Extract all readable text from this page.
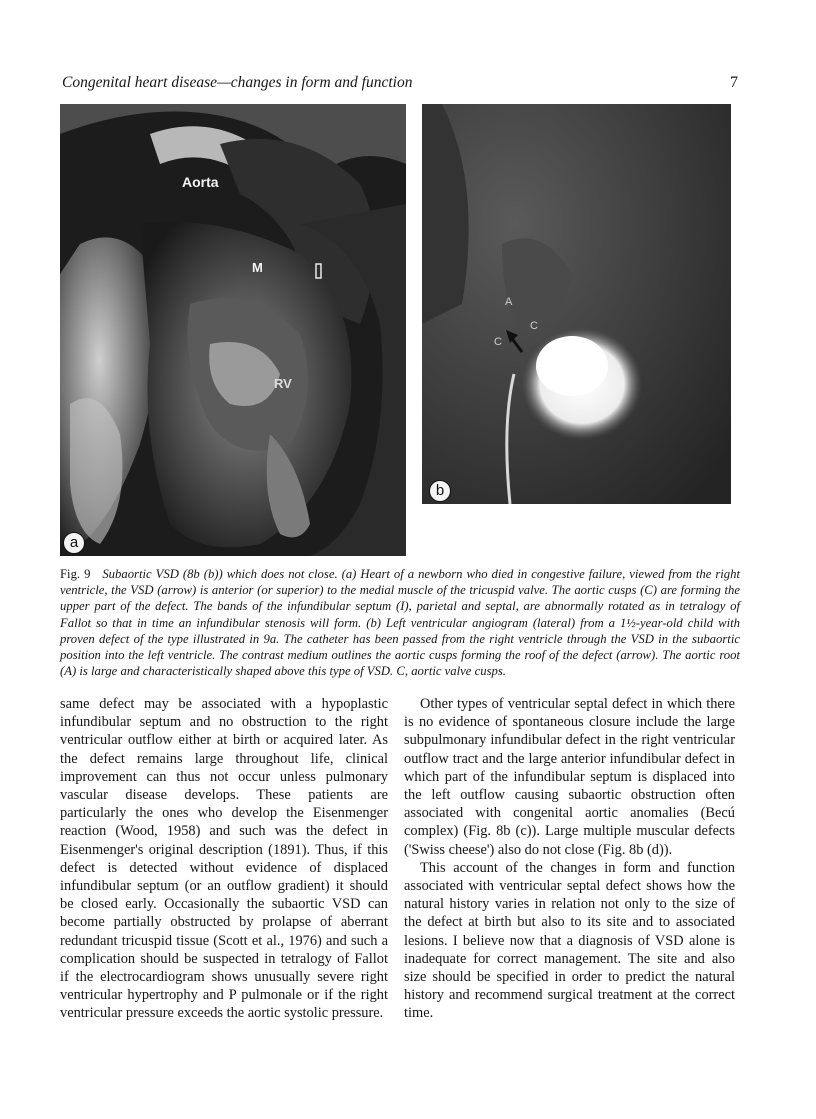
Congenital heart disease—changes in form and function	7
Aorta
M
RV
a
A
C
C
b
Fig. 9 Subaortic VSD (8b (b)) which does not close. (a) Heart of a newborn who died in congestive failure, viewed from the right ventricle, the VSD (arrow) is anterior (or superior) to the medial muscle of the tricuspid valve. The aortic cusps (C) are forming the upper part of the defect. The bands of the infundibular septum (I), parietal and septal, are abnormally rotated as in tetralogy of Fallot so that in time an infundibular stenosis will form. (b) Left ventricular angiogram (lateral) from a 1½-year-old child with proven defect of the type illustrated in 9a. The catheter has been passed from the right ventricle through the VSD in the subaortic position into the left ventricle. The contrast medium outlines the aortic cusps forming the roof of the defect (arrow). The aortic root (A) is large and characteristically shaped above this type of VSD. C, aortic valve cusps.

same defect may be associated with a hypoplastic infundibular septum and no obstruction to the right ventricular outflow either at birth or acquired later. As the defect remains large throughout life, clinical improvement can thus not occur unless pulmonary vascular disease develops. These patients are particularly the ones who develop the Eisenmenger reaction (Wood, 1958) and such was the defect in Eisenmenger's original description (1891). Thus, if this defect is detected without evidence of displaced infundibular septum (or an outflow gradient) it should be closed early. Occasionally the subaortic VSD can become partially obstructed by prolapse of aberrant redundant tricuspid tissue (Scott et al., 1976) and such a complication should be suspected in tetralogy of Fallot if the electrocardiogram shows unusually severe right ventricular hypertrophy and P pulmonale or if the right ventricular pressure exceeds the aortic systolic pressure.

Other types of ventricular septal defect in which there is no evidence of spontaneous closure include the large subpulmonary infundibular defect in the right ventricular outflow tract and the large anterior infundibular defect in which part of the infundibular septum is displaced into the left outflow causing subaortic obstruction often associated with congenital aortic anomalies (Becú complex) (Fig. 8b (c)). Large multiple muscular defects ('Swiss cheese') also do not close (Fig. 8b (d)).

This account of the changes in form and function associated with ventricular septal defect shows how the natural history varies in relation not only to the size of the defect at birth but also to its site and to associated lesions. I believe now that a diagnosis of VSD alone is inadequate for correct management. The site and also size should be specified in order to predict the natural history and recommend surgical treatment at the correct time.
